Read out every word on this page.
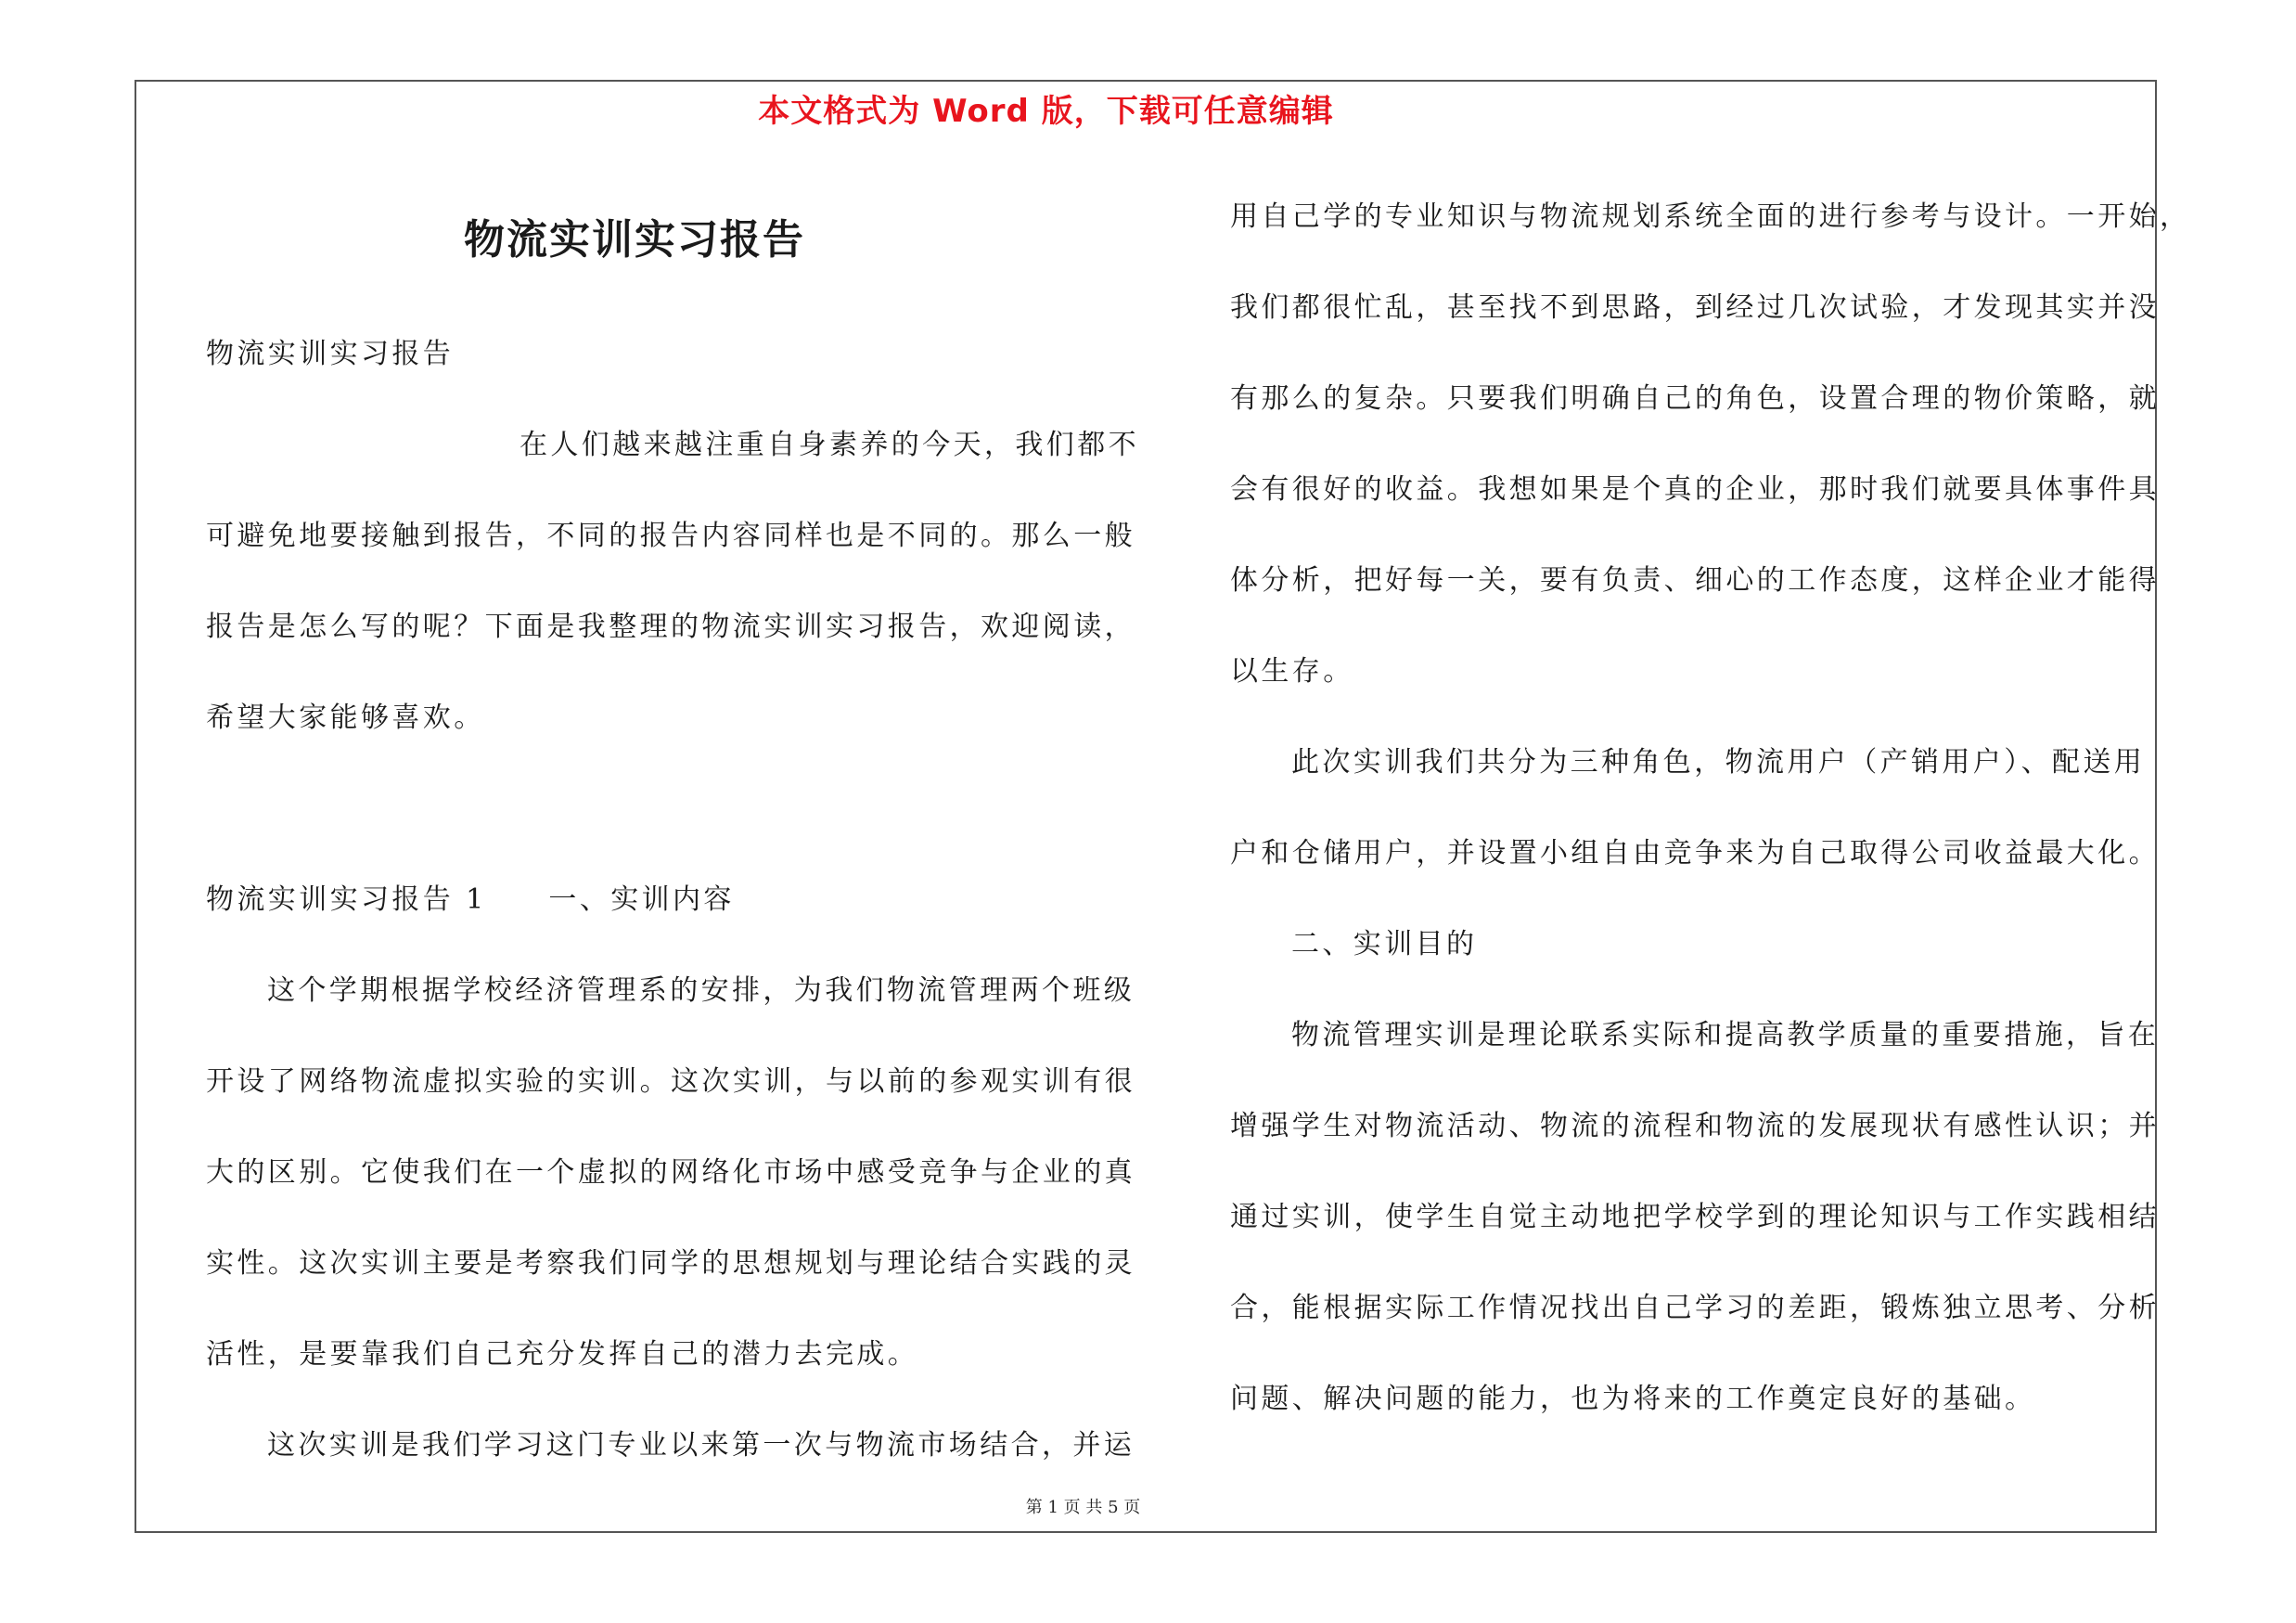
本文格式为 Word 版，下载可任意编辑
物流实训实习报告
物流实训实习报告
在人们越来越注重自身素养的今天，我们都不
可避免地要接触到报告，不同的报告内容同样也是不同的。那么一般
报告是怎么写的呢？下面是我整理的物流实训实习报告，欢迎阅读，
希望大家能够喜欢。
物流实训实习报告 1　　一、实训内容
这个学期根据学校经济管理系的安排，为我们物流管理两个班级
开设了网络物流虚拟实验的实训。这次实训，与以前的参观实训有很
大的区别。它使我们在一个虚拟的网络化市场中感受竞争与企业的真
实性。这次实训主要是考察我们同学的思想规划与理论结合实践的灵
活性，是要靠我们自己充分发挥自己的潜力去完成。
这次实训是我们学习这门专业以来第一次与物流市场结合，并运
用自己学的专业知识与物流规划系统全面的进行参考与设计。一开始，
我们都很忙乱，甚至找不到思路，到经过几次试验，才发现其实并没
有那么的复杂。只要我们明确自己的角色，设置合理的物价策略，就
会有很好的收益。我想如果是个真的企业，那时我们就要具体事件具
体分析，把好每一关，要有负责、细心的工作态度，这样企业才能得
以生存。
此次实训我们共分为三种角色，物流用户（产销用户）、配送用
户和仓储用户，并设置小组自由竞争来为自己取得公司收益最大化。
二、实训目的
物流管理实训是理论联系实际和提高教学质量的重要措施，旨在
增强学生对物流活动、物流的流程和物流的发展现状有感性认识；并
通过实训，使学生自觉主动地把学校学到的理论知识与工作实践相结
合，能根据实际工作情况找出自己学习的差距，锻炼独立思考、分析
问题、解决问题的能力，也为将来的工作奠定良好的基础。
第 1 页 共 5 页
